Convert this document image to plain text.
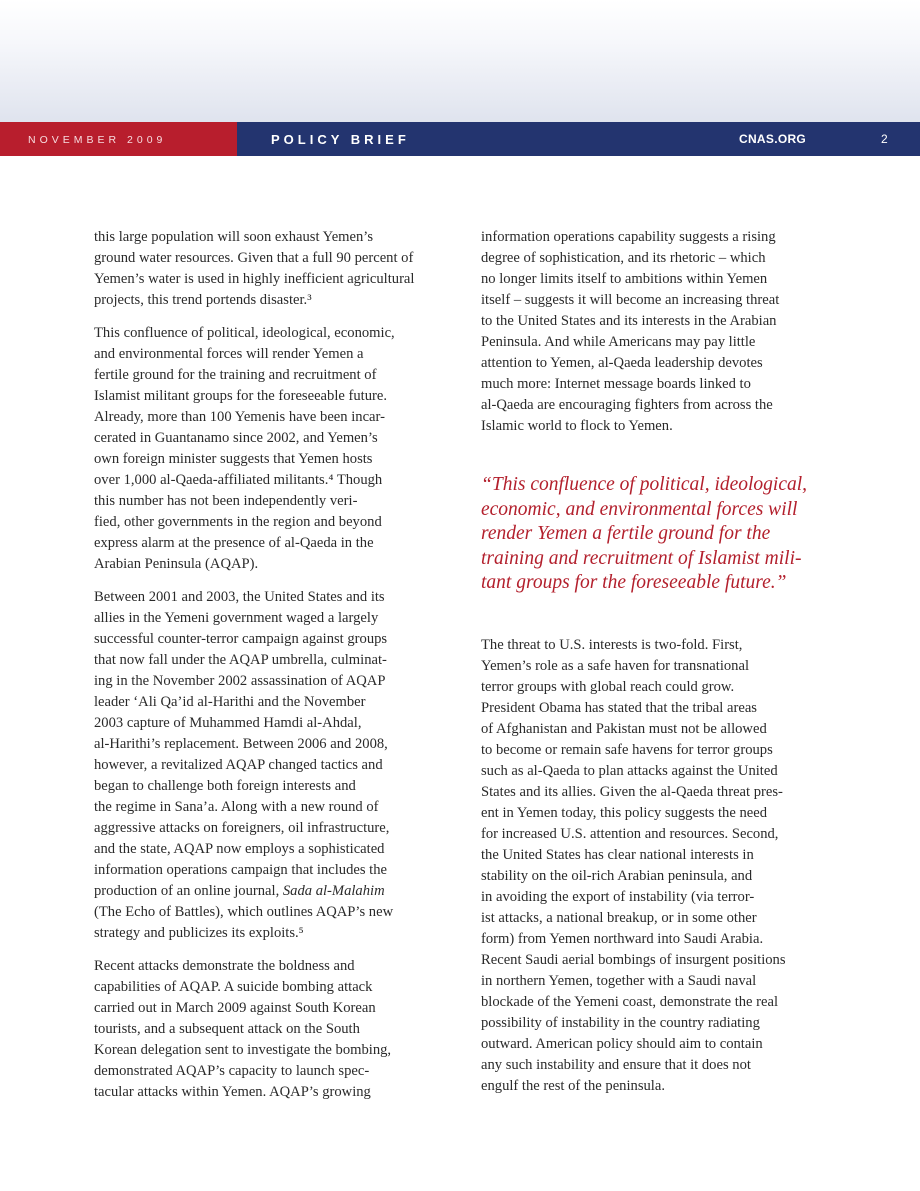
NOVEMBER 2009	POLICY BRIEF	CNAS.ORG	2

this large population will soon exhaust Yemen’s
ground water resources. Given that a full 90 percent of
Yemen’s water is used in highly inefficient agricultural
projects, this trend portends disaster.³

This confluence of political, ideological, economic,
and environmental forces will render Yemen a
fertile ground for the training and recruitment of
Islamist militant groups for the foreseeable future.
Already, more than 100 Yemenis have been incar-
cerated in Guantanamo since 2002, and Yemen’s
own foreign minister suggests that Yemen hosts
over 1,000 al-Qaeda-affiliated militants.⁴ Though
this number has not been independently veri-
fied, other governments in the region and beyond
express alarm at the presence of al-Qaeda in the
Arabian Peninsula (AQAP).

Between 2001 and 2003, the United States and its
allies in the Yemeni government waged a largely
successful counter-terror campaign against groups
that now fall under the AQAP umbrella, culminat-
ing in the November 2002 assassination of AQAP
leader ‘Ali Qa’id al-Harithi and the November
2003 capture of Muhammed Hamdi al-Ahdal,
al-Harithi’s replacement. Between 2006 and 2008,
however, a revitalized AQAP changed tactics and
began to challenge both foreign interests and
the regime in Sana’a. Along with a new round of
aggressive attacks on foreigners, oil infrastructure,
and the state, AQAP now employs a sophisticated
information operations campaign that includes the
production of an online journal, Sada al-Malahim
(The Echo of Battles), which outlines AQAP’s new
strategy and publicizes its exploits.⁵

Recent attacks demonstrate the boldness and
capabilities of AQAP. A suicide bombing attack
carried out in March 2009 against South Korean
tourists, and a subsequent attack on the South
Korean delegation sent to investigate the bombing,
demonstrated AQAP’s capacity to launch spec-
tacular attacks within Yemen. AQAP’s growing

information operations capability suggests a rising
degree of sophistication, and its rhetoric – which
no longer limits itself to ambitions within Yemen
itself – suggests it will become an increasing threat
to the United States and its interests in the Arabian
Peninsula. And while Americans may pay little
attention to Yemen, al-Qaeda leadership devotes
much more: Internet message boards linked to
al-Qaeda are encouraging fighters from across the
Islamic world to flock to Yemen.

“This confluence of political, ideological,
economic, and environmental forces will
render Yemen a fertile ground for the
training and recruitment of Islamist mili-
tant groups for the foreseeable future.”

The threat to U.S. interests is two-fold. First,
Yemen’s role as a safe haven for transnational
terror groups with global reach could grow.
President Obama has stated that the tribal areas
of Afghanistan and Pakistan must not be allowed
to become or remain safe havens for terror groups
such as al-Qaeda to plan attacks against the United
States and its allies. Given the al-Qaeda threat pres-
ent in Yemen today, this policy suggests the need
for increased U.S. attention and resources. Second,
the United States has clear national interests in
stability on the oil-rich Arabian peninsula, and
in avoiding the export of instability (via terror-
ist attacks, a national breakup, or in some other
form) from Yemen northward into Saudi Arabia.
Recent Saudi aerial bombings of insurgent positions
in northern Yemen, together with a Saudi naval
blockade of the Yemeni coast, demonstrate the real
possibility of instability in the country radiating
outward. American policy should aim to contain
any such instability and ensure that it does not
engulf the rest of the peninsula.
